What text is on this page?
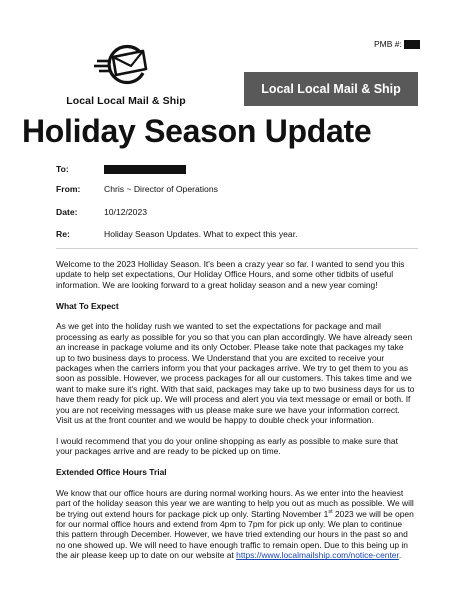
Local Local Mail & Ship
PMB #:
Local Local Mail & Ship
Holiday Season Update
To:
From:	Chris ~ Director of Operations
Date:	10/12/2023
Re:	Holiday Season Updates. What to expect this year.

Welcome to the 2023 Holliday Season. It's been a crazy year so far. I wanted to send you this
update to help set expectations, Our Holiday Office Hours, and some other tidbits of useful
information. We are looking forward to a great holiday season and a new year coming!

What To Expect

As we get into the holiday rush we wanted to set the expectations for package and mail
processing as early as possible for you so that you can plan accordingly. We have already seen
an increase in package volume and its only October. Please take note that packages my take
up to two business days to process. We Understand that you are excited to receive your
packages when the carriers inform you that your packages arrive. We try to get them to you as
soon as possible. However, we process packages for all our customers. This takes time and we
want to make sure it's right. With that said, packages may take up to two business days for us to
have them ready for pick up. We will process and alert you via text message or email or both. If
you are not receiving messages with us please make sure we have your information correct.
Visit us at the front counter and we would be happy to double check your information.

I would recommend that you do your online shopping as early as possible to make sure that
your packages arrive and are ready to be picked up on time.

Extended Office Hours Trial

We know that our office hours are during normal working hours. As we enter into the heaviest
part of the holiday season this year we are wanting to help you out as much as possible. We will
be trying out extend hours for package pick up only. Starting November 1st 2023 we will be open
for our normal office hours and extend from 4pm to 7pm for pick up only. We plan to continue
this pattern through December. However, we have tried extending our hours in the past so and
no one showed up. We will need to have enough traffic to remain open. Due to this being up in
the air please keep up to date on our website at https://www.localmailship.com/notice-center.
